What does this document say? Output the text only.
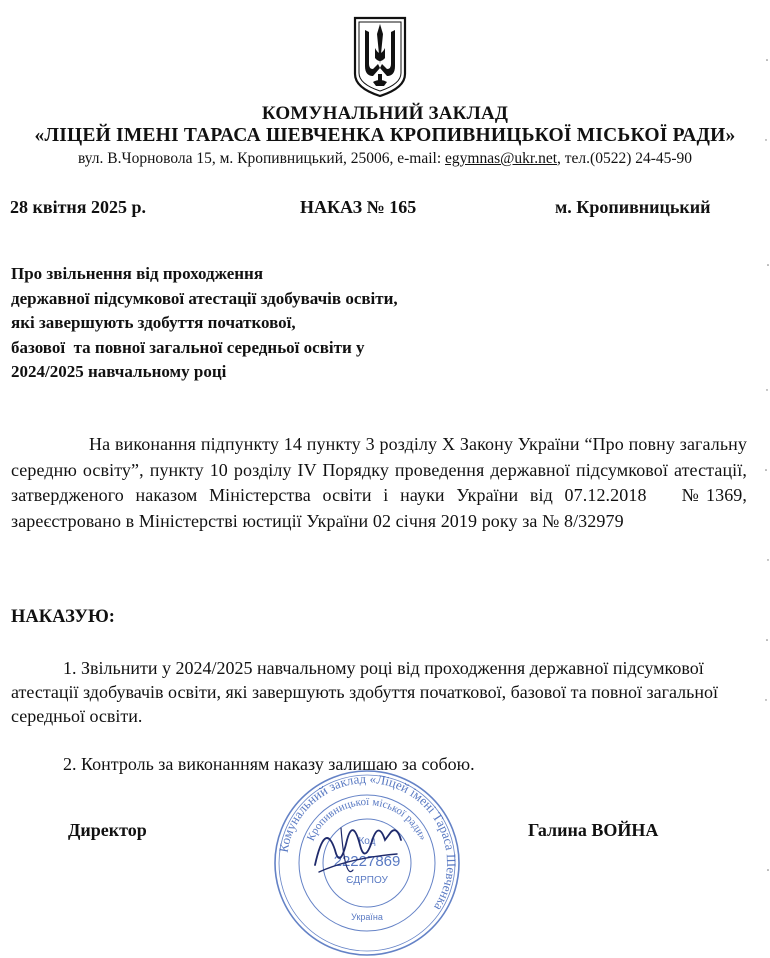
КОМУНАЛЬНИЙ ЗАКЛАД
«ЛІЦЕЙ ІМЕНІ ТАРАСА ШЕВЧЕНКА КРОПИВНИЦЬКОЇ МІСЬКОЇ РАДИ»
вул. В.Чорновола 15, м. Кропивницький, 25006, e-mail: egymnas@ukr.net, тел.(0522) 24-45-90
28 квітня 2025 р.	НАКАЗ № 165	м. Кропивницький
Про звільнення від проходження
державної підсумкової атестації здобувачів освіти,
які завершують здобуття початкової,
базової  та повної загальної середньої освіти у
2024/2025 навчальному році
На виконання підпункту 14 пункту 3 розділу Х Закону України “Про повну загальну середню освіту”, пункту 10 розділу IV Порядку проведення державної підсумкової атестації, затвердженого наказом Міністерства освіти і науки України від 07.12.2018   №1369, зареєстровано в Міністерстві юстиції України 02 січня 2019 року за № 8/32979
НАКАЗУЮ:
1. Звільнити у 2024/2025 навчальному році від проходження державної підсумкової атестації здобувачів освіти, які завершують здобуття початкової, базової та повної загальної середньої освіти.
2. Контроль за виконанням наказу залишаю за собою.
Комунальний заклад «Ліцей імені Тараса Шевченка
Кропивницької міської ради»
Код
22227869
ЄДРПОУ
Україна
Директор	Галина ВОЙНА
